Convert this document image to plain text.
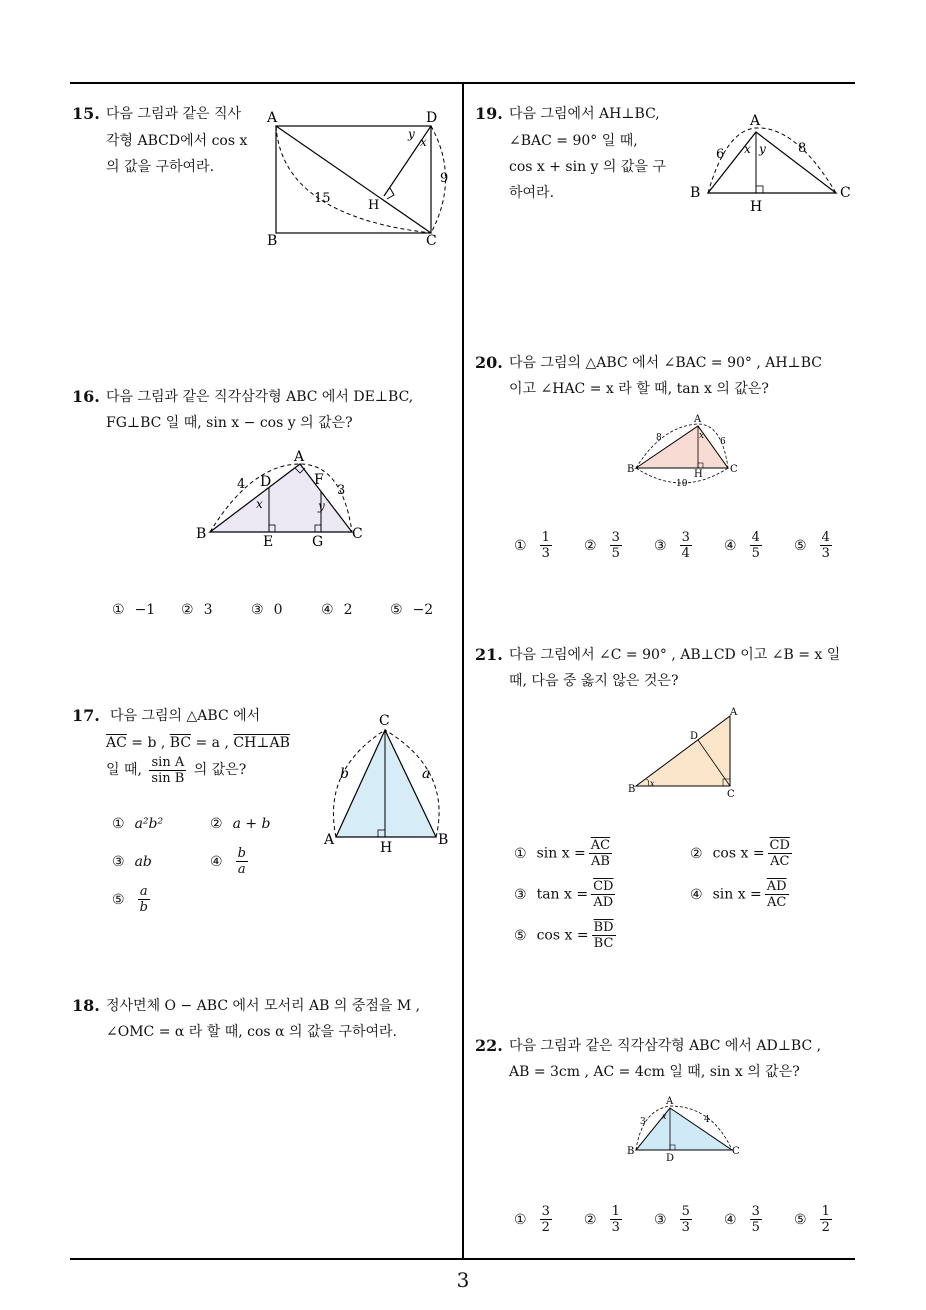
15. 다음 그림과 같은 직사
각형 ABCD에서 cos x
의 값을 구하여라.
A	D
B	C
H
y
x
9
15
16. 다음 그림과 같은 직각삼각형 ABC 에서 DE⊥BC,
FG⊥BC 일 때, sin x − cos y 의 값은?
A
B	C
D	F
E	G
x	y
4	3
① −1 ② 3	③ 0	④ 2	⑤ −2
17. 다음 그림의 △ABC 에서
$\overline{AC} = b$ , $\overline{BC} = a$ , CH⊥AB
일 때, $\frac{\text{sin A}}{\text{sin B}}$ 의 값은?
C
A	B
H
b	a
① a²b²	② a + b
③ ab	④ $\frac{b}{a}$
⑤ $\frac{a}{b}$
18. 정사면체 O − ABC 에서 모서리 AB 의 중점을 M ,
∠OMC = α 라 할 때, cos α 의 값을 구하여라.
19. 다음 그림에서 AH⊥BC,
∠BAC = 90° 일 때,
cos x + sin y 의 값을 구
하여라.
A
B	C
H
x y
6	8
20. 다음 그림의 △ABC 에서 ∠BAC = 90° , AH⊥BC
이고 ∠HAC = x 라 할 때, tan x 의 값은?
A
B	C
H
x
8	6
10
① $\frac{1}{3}$ ② $\frac{3}{5}$ ③ $\frac{3}{4}$ ④ $\frac{4}{5}$ ⑤ $\frac{4}{3}$
21. 다음 그림에서 ∠C = 90° , AB⊥CD 이고 ∠B = x 일
때, 다음 중 옳지 않은 것은?
A
B	C
D
x
① $\sin x = \frac{\overline{AC}}{AB}$	② $\cos x = \frac{\overline{CD}}{AC}$
③ $\tan x = \frac{\overline{CD}}{AD}$	④ $\sin x = \frac{\overline{AD}}{AC}$
⑤ $\cos x = \frac{\overline{BD}}{BC}$
22. 다음 그림과 같은 직각삼각형 ABC 에서 AD⊥BC ,
AB = 3cm , AC = 4cm 일 때, sin x 의 값은?
A
B	C
D
x
3	4
① $\frac{3}{2}$ ② $\frac{1}{3}$ ③ $\frac{5}{3}$ ④ $\frac{3}{5}$ ⑤ $\frac{1}{2}$
3
